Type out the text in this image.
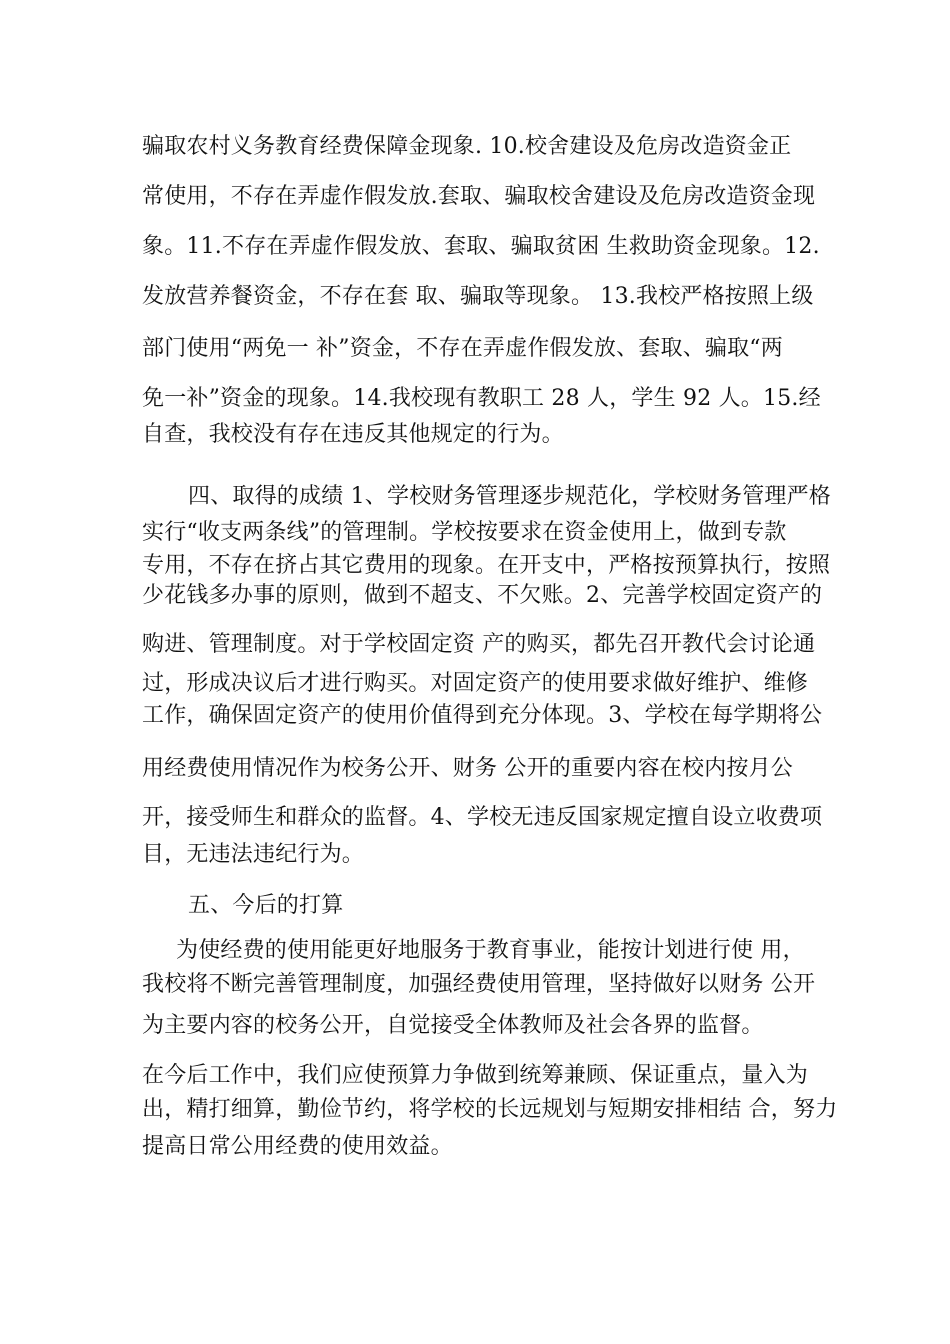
骗取农村义务教育经费保障金现象. 10.校舍建设及危房改造资金正
常使用，不存在弄虚作假发放.套取、骗取校舍建设及危房改造资金现
象。11.不存在弄虚作假发放、套取、骗取贫困 生救助资金现象。12.
发放营养餐资金，不存在套 取、骗取等现象。 13.我校严格按照上级
部门使用“两免一 补”资金，不存在弄虚作假发放、套取、骗取“两
免一补”资金的现象。14.我校现有教职工 28 人，学生 92 人。15.经
自查，我校没有存在违反其他规定的行为。
四、取得的成绩 1、学校财务管理逐步规范化，学校财务管理严格
实行“收支两条线”的管理制。学校按要求在资金使用上，做到专款
专用，不存在挤占其它费用的现象。在开支中，严格按预算执行，按照
少花钱多办事的原则，做到不超支、不欠账。2、完善学校固定资产的
购进、管理制度。对于学校固定资 产的购买，都先召开教代会讨论通
过，形成决议后才进行购买。对固定资产的使用要求做好维护、维修
工作，确保固定资产的使用价值得到充分体现。3、学校在每学期将公
用经费使用情况作为校务公开、财务 公开的重要内容在校内按月公
开，接受师生和群众的监督。4、学校无违反国家规定擅自设立收费项
目，无违法违纪行为。
五、今后的打算
为使经费的使用能更好地服务于教育事业，能按计划进行使 用，
我校将不断完善管理制度，加强经费使用管理，坚持做好以财务 公开
为主要内容的校务公开，自觉接受全体教师及社会各界的监督。
在今后工作中，我们应使预算力争做到统筹兼顾、保证重点，量入为
出，精打细算，勤俭节约，将学校的长远规划与短期安排相结 合，努力
提高日常公用经费的使用效益。
